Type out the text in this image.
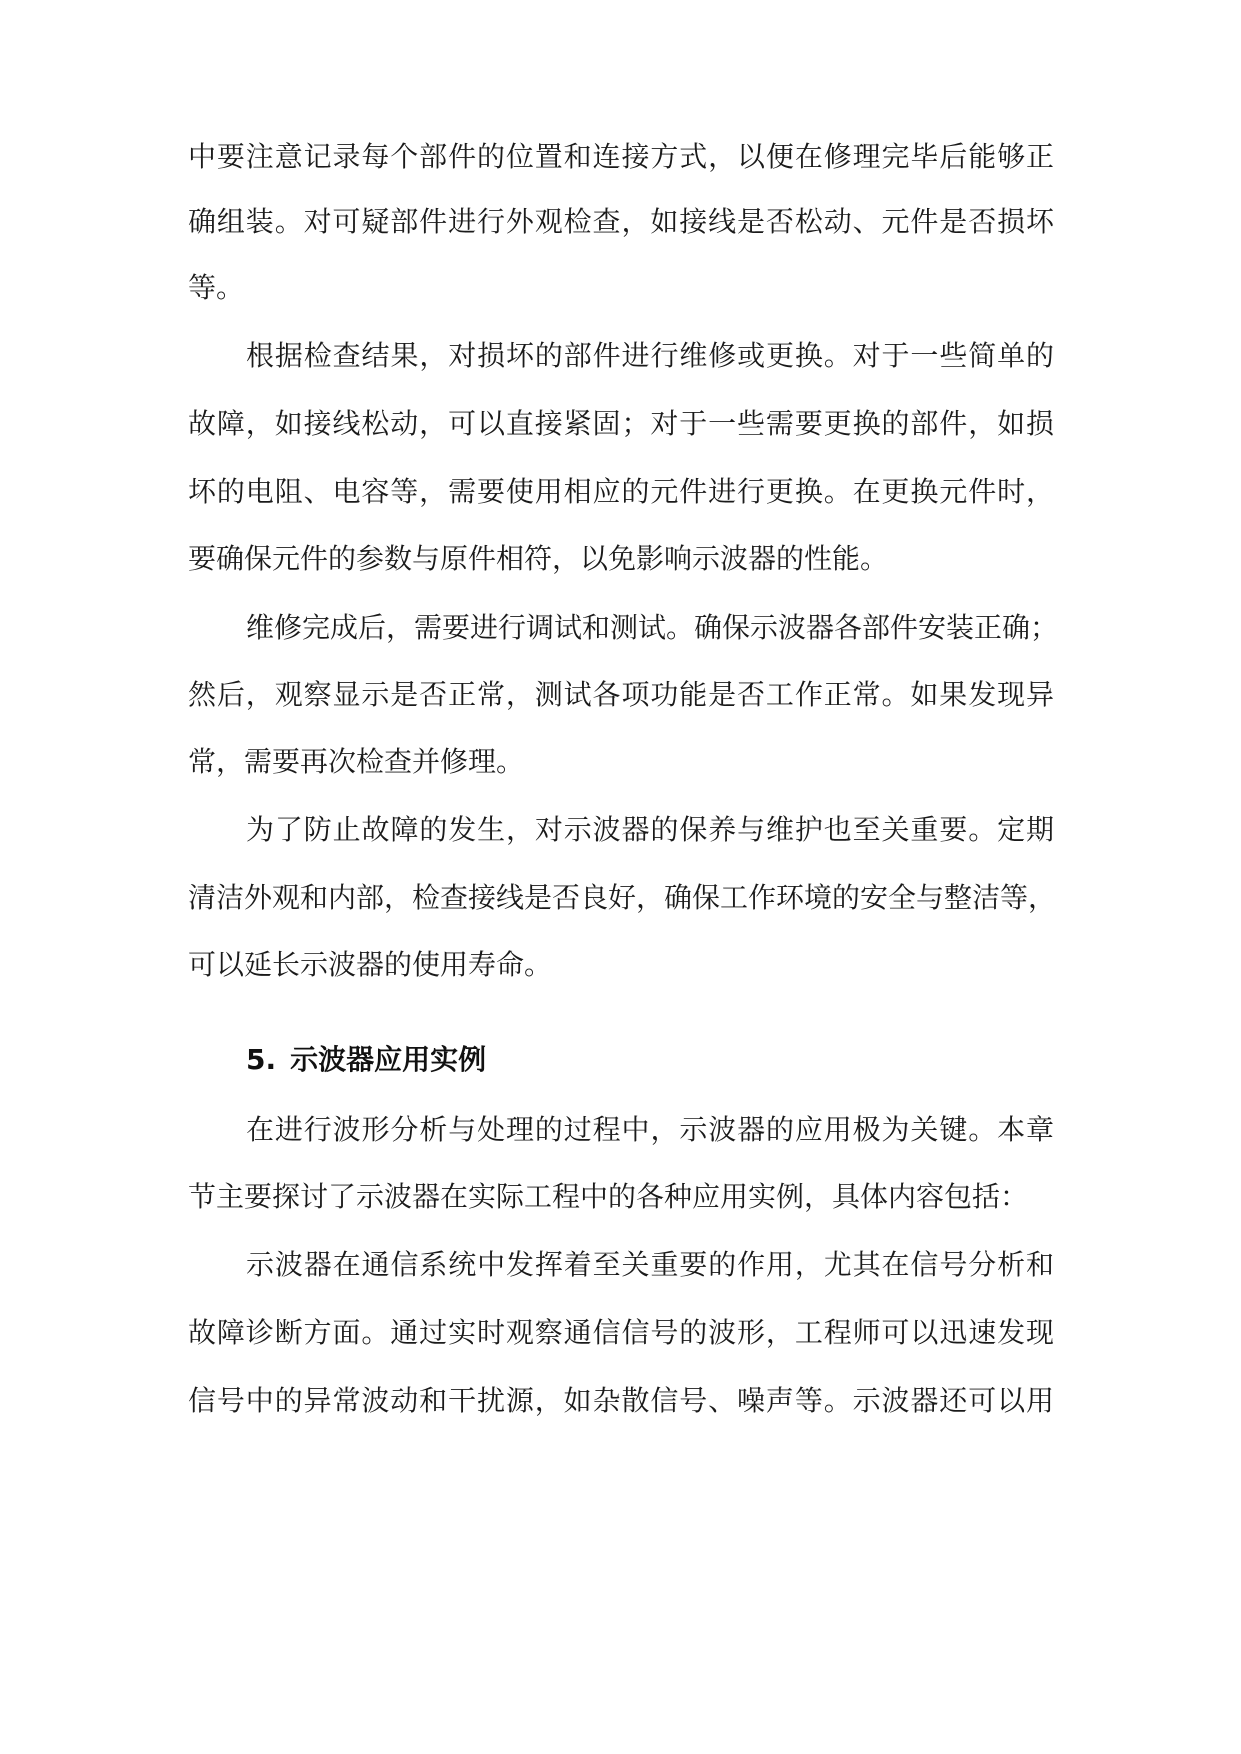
中要注意记录每个部件的位置和连接方式，以便在修理完毕后能够正
确组装。对可疑部件进行外观检查，如接线是否松动、元件是否损坏
等。
根据检查结果，对损坏的部件进行维修或更换。对于一些简单的
故障，如接线松动，可以直接紧固；对于一些需要更换的部件，如损
坏的电阻、电容等，需要使用相应的元件进行更换。在更换元件时，
要确保元件的参数与原件相符，以免影响示波器的性能。
维修完成后，需要进行调试和测试。确保示波器各部件安装正确；
然后，观察显示是否正常，测试各项功能是否工作正常。如果发现异
常，需要再次检查并修理。
为了防止故障的发生，对示波器的保养与维护也至关重要。定期
清洁外观和内部，检查接线是否良好，确保工作环境的安全与整洁等，
可以延长示波器的使用寿命。
5. 示波器应用实例
在进行波形分析与处理的过程中，示波器的应用极为关键。本章
节主要探讨了示波器在实际工程中的各种应用实例，具体内容包括：
示波器在通信系统中发挥着至关重要的作用，尤其在信号分析和
故障诊断方面。通过实时观察通信信号的波形，工程师可以迅速发现
信号中的异常波动和干扰源，如杂散信号、噪声等。示波器还可以用
